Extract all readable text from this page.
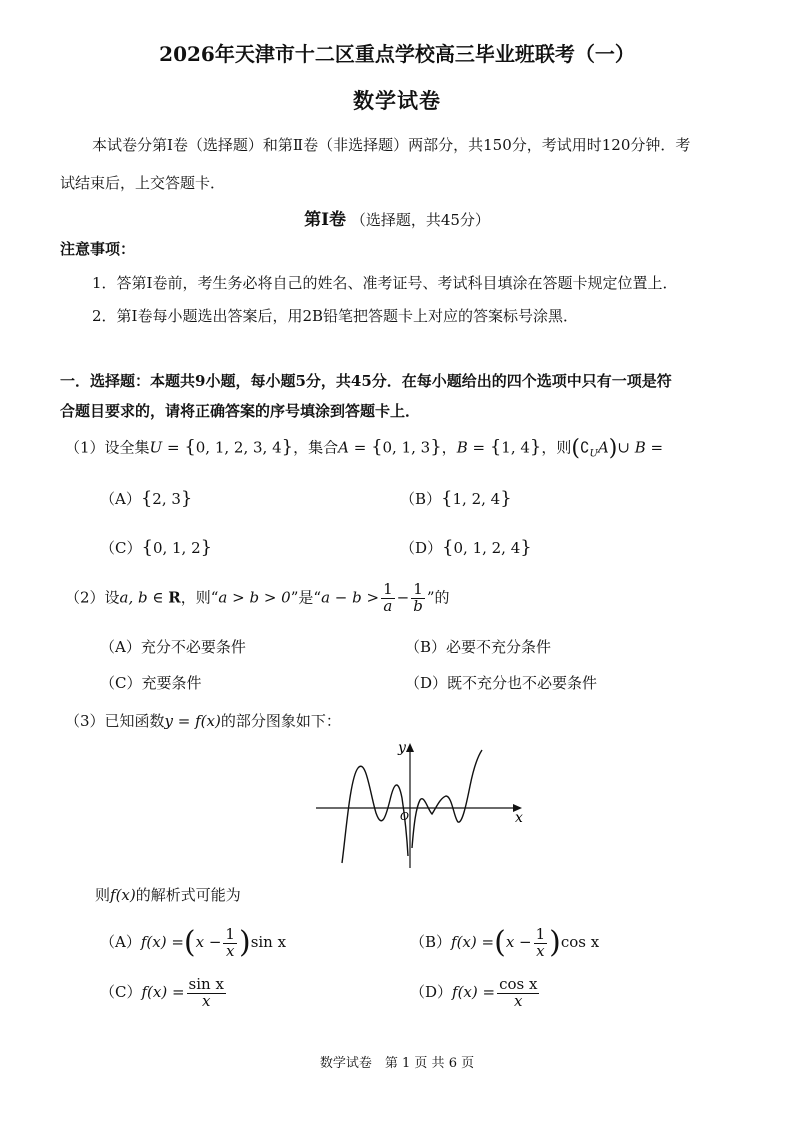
2026年天津市十二区重点学校高三毕业班联考（一）
数学试卷
本试卷分第Ⅰ卷（选择题）和第Ⅱ卷（非选择题）两部分，共150分，考试用时120分钟．考
试结束后，上交答题卡．
第Ⅰ卷 （选择题，共45分）
注意事项：
1．答第Ⅰ卷前，考生务必将自己的姓名、准考证号、考试科目填涂在答题卡规定位置上．
2．第Ⅰ卷每小题选出答案后，用2B铅笔把答题卡上对应的答案标号涂黑．
一．选择题：本题共9小题，每小题5分，共45分．在每小题给出的四个选项中只有一项是符
合题目要求的，请将正确答案的序号填涂到答题卡上．
（1）设全集U = {0, 1, 2, 3, 4}，集合A = {0, 1, 3}，B = {1, 4}，则$(∁_UA)\cup$ B =
（A）{2, 3}	（B）{1, 2, 4}
（C）{0, 1, 2}	（D）{0, 1, 2, 4}
（2）设a, b ∈ R，则“a > b > 0”是“$a - b > \frac{1}{a} - \frac{1}{b}$ ”的
（A）充分不必要条件	（B）必要不充分条件
（C）充要条件	（D）既不充分也不必要条件
（3）已知函数y = f(x)的部分图象如下：
y
x
O
则f(x)的解析式可能为
$(A)f(x) =(x - \frac{1}{x} )\sin$ x	$(B)f(x) =(x - \frac{1}{x} )\cos$ x
$(C)f(x) = \frac{\text{sin x}}{x}$	$(D)f(x) = \frac{\text{cos x}}{x}$
数学试卷　第 1 页 共 6 页
